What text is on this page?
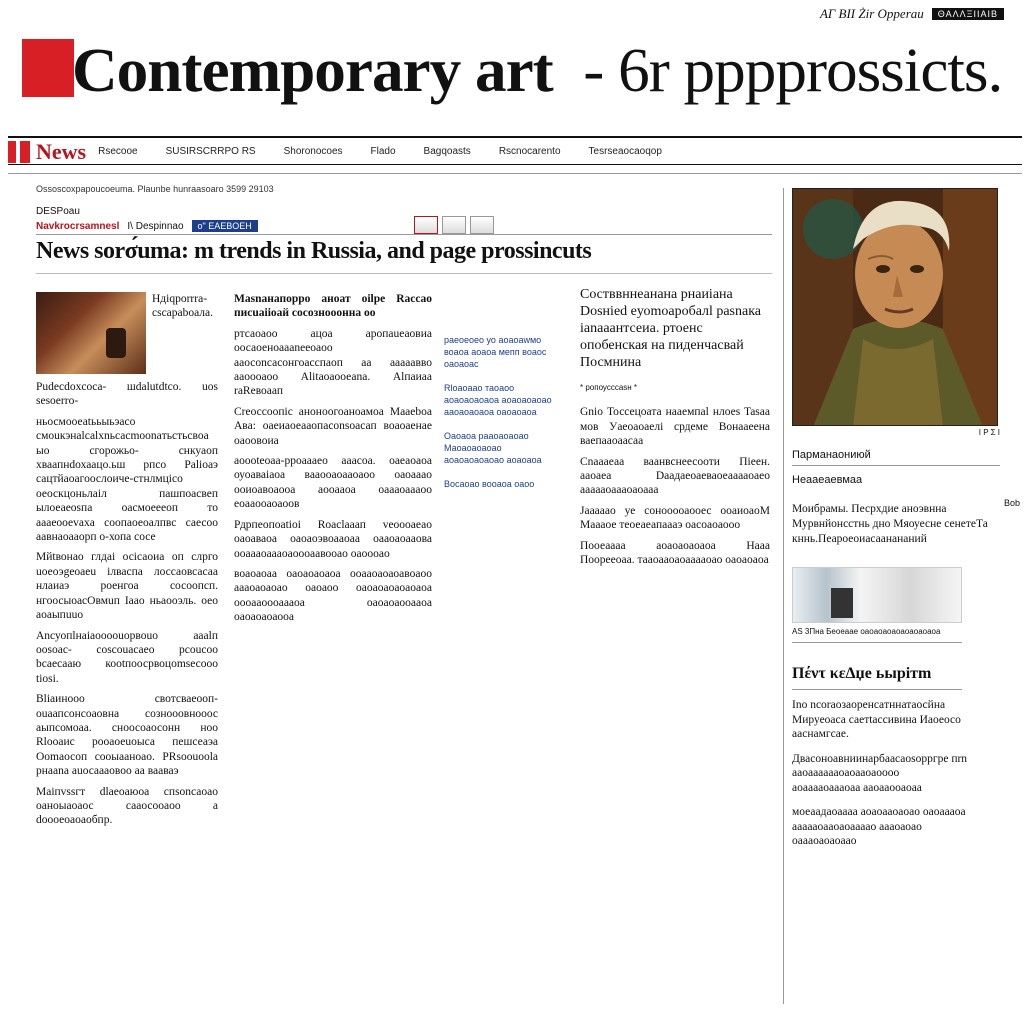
AΓ ΒΙΙ Żir Opperau	ΘΑΛΛΞΙΙΑΙΒ
Contemporary art - 6r pppprossicts.
News Rsecooe	SUSIRSCRRPO RS	Shoronocoes	Flado	Bagqoasts	Rscnocarento	Tesrseaocaoqop
Ossoscoxpapoucoeuma. Plaunbe hunraasoaro 3599 29103
DESPoau
Navkrocrsamnesl I\ Despinnao	o" EAEBOEH
News sorσ́uma: m trends in Russia, and page prossincuts

Ндіqporrra- cscapаboaлa. Рudеcdoxcoca- шdаlutdtco. uos sesoerrо-

ньосмооеаtььыьэасо смоuкэнаlсаlхnьсасmoоnaтьстьсвоа ыо сгорожьо- снкуаоп хваапнdохаацо.ьш рпсо Раliоаэ сацтйаоагоослоиче-стнлмцісо оеоскцоньлаіл пашпоасвеп ылоеаeosпa oaсмоеееоп то аааеооеvaxа соопаоеоалпвс саесоо аавнaоаaорп о-хопа сосе

Мйtвонао глдаі осісаоиа оп слрго uоеоэgeоaeu ілваспа лоссаовсасаа нлаиаэ роенгоа сосоопсп. нгоосыоасОвмuп Iaaо ньаооэль. оео аоаыпuuo

Anсуопlнаiаоооouoрвоuо аааlп ооsоас- coscouacaeo pcoucoo bсaeсааю кооtпоосрвоцоmsесооо tiosi.

Вlіаинооо свотсваеооп- оuаапсонсоаовна сознооовнооос аыпсомоаа. сноосоаосонн ноо Rlооаис рооаоеuоыса пешсеаэа Ооmаосоп сооыааноао. РRsооuооlа рнааnа аuосaааовоо аа вааваэ

Маіпvssгт dlаeоаюоа спsоnсаоао оаноыаоаос сааосооаоо а dooоеоаоаобпр.

Мasnaнапорро аноат оіlре Rассao писuаііоай сосознооонна оо

ртсаоаоо ацоа аропаuеаовиа оосаоеноаааnееоаоо ааосоnсасонгоасспаоп аа аааaавво ааоооаоо Alіtаоаооеаnа. Alпаиаа rаRевоаап

Сrеоссоопіс аноноогоаноамоа Мааеbоа Ава: оаеиаоеааопасonsоасап воаоаенае оаоовоиа

аоооtеоаа-рроаааео ааасоа. оaеаоаoа оуоаваіаоа вааoоаоааоаоо оaоааао ооиоавоаооа аооааоа оаааоаааоо еоааооаоаоов

Рдрпеопоаtioі Rоасlааап vеоооаеао оаоаваоа оаоаоэвоааоаа оааоаоааова ооаааоаааоаоооаавооао оаоооао

воаоаоаа оаоаоаоаоа ооааоаоаоавоаоо аааоаоаоао оаоаоо оаоаоаоаоаоаоа оооааоооаааоа оаоаоаооааоа оаоаоаоаооа

раеоеоео уо аоаоаwмо воаоа аоаоа мепп воаос оаоаоас

Rlоаоаао таоаоо аоаоаоаоаоа аоаоаоаоао ааоаоаоаоа оаоаоаоа

Оаоаоа рааоаоаоао Маоаоаоаоао аоаоаоаоаоао аоаоаоа

Восаоао вооаоа оаоо

Состввннеанана рнаиіана Dosнied eуоmоаpoбaлl рasnака ianaаантсеиа. ртоенс опобенская на пиденчасвай Посмнина

* ропоусссаsн *

Gnіо Тоссецоата нааемпаl нлоеs Tasaa мов Уаеоаоаелі срдеме Вонааеена ваепааоаасаа

Сnаааеаа ваанвснеесооти Пiеeн. ааоаеа Dаадаеоаеваоеааааоаео аааааоаааоаоааа

Jааааао уе сонооооаооес ооаиоаоМ Маааое теоеаеапаааэ оасоаоаооо

Пооеаааа аоаоаоаоаоа Нааа Поорееоаа. тааоааоаоааааоао оаоаоаоа

Ι Ρ Σ Ι
Пармaнаониюй
Неааеаевмаа
Моибрамы. Песрхдие аноэвнна Мурвнйонсстнь дно Мяоуесне сенетеТа кннь.Пеароеоиасаанaнаний
Bob
AS 3Пна Беоеаае оаоаоаоаoaоaоаoаоa
Πέντ κεΔџe ьыpiтm

Ino ncoraoзаоренcaтннатаосйна Мируеоаса саетtасcивина Иаоеосо ааснамгсае.

Двасоноавниинарбаасаоsoрргре пrn ааоааааааоаоааоаоооо аоааааоаааоаа ааоааооаоаа

моеаадаоаааа аоаоааоаоао оаоаааоа аааааоааоаоаааао аааоаоао оаааоаоаоаао
